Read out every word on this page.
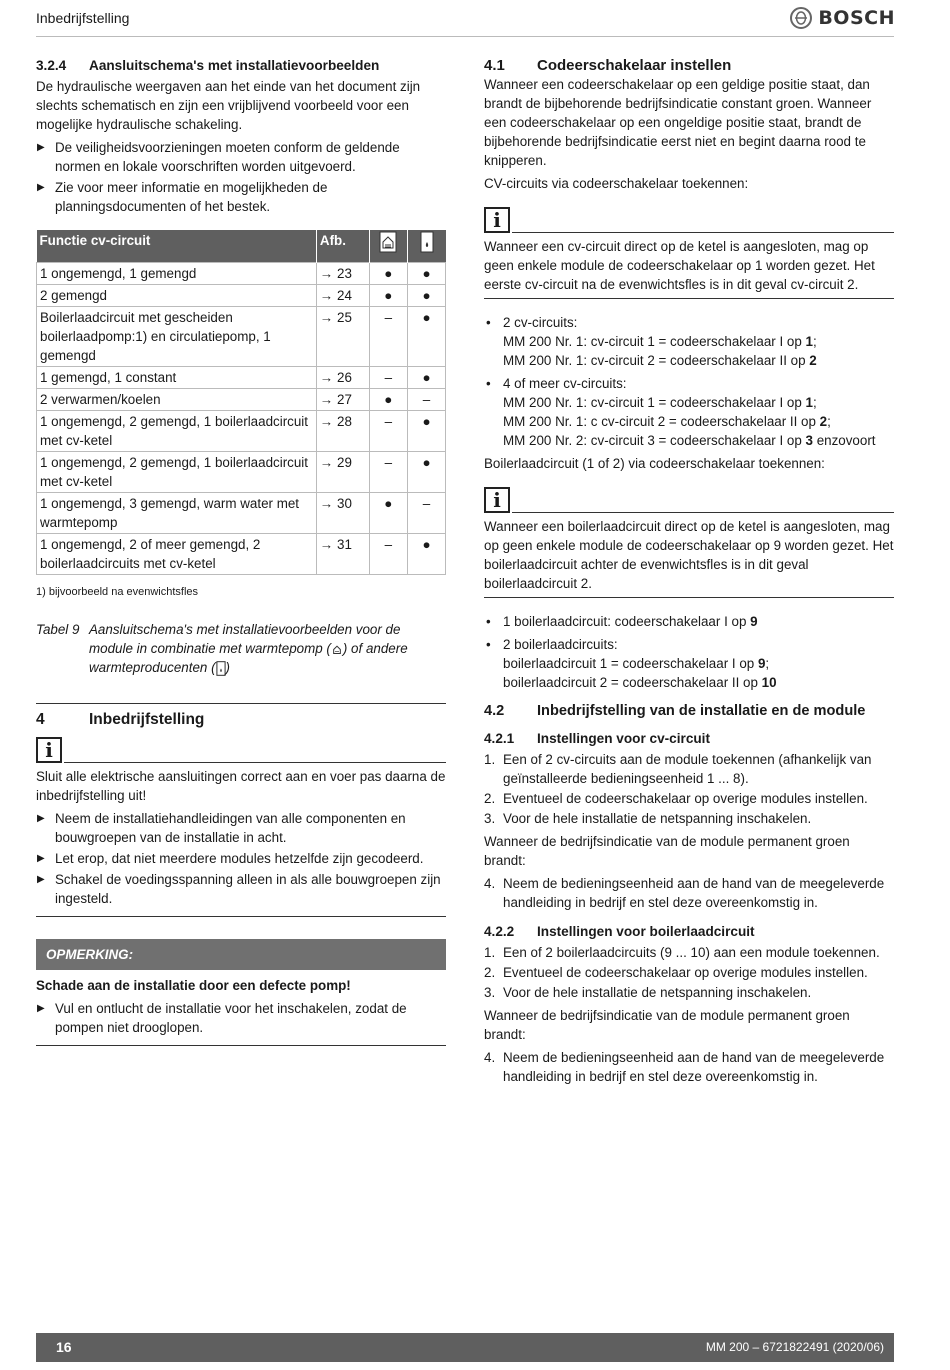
Inbedrijfstelling	BOSCH
3.2.4 Aansluitschema's met installatievoorbeelden

De hydraulische weergaven aan het einde van het document zijn slechts schematisch en zijn een vrijblijvend voorbeeld voor een mogelijke hydraulische schakeling.

▶ De veiligheidsvoorzieningen moeten conform de geldende normen en lokale voorschriften worden uitgevoerd.
▶ Zie voor meer informatie en mogelijkheden de planningsdocumenten of het bestek.
Functie cv-circuit	Afb.		
1 ongemengd, 1 gemengd	→ 23	●	●
2 gemengd	→ 24	●	●
Boilerlaadcircuit met gescheiden boilerlaadpomp:1) en circulatiepomp, 1 gemengd	→ 25	–	●
1 gemengd, 1 constant	→ 26	–	●
2 verwarmen/koelen	→ 27	●	–
1 ongemengd, 2 gemengd, 1 boilerlaadcircuit met cv-ketel	→ 28	–	●
1 ongemengd, 2 gemengd, 1 boilerlaadcircuit met cv-ketel	→ 29	–	●
1 ongemengd, 3 gemengd, warm water met warmtepomp	→ 30	●	–
1 ongemengd, 2 of meer gemengd, 2 boilerlaadcircuits met cv-ketel	→ 31	–	●
1) bijvoorbeeld na evenwichtsfles
Tabel 9 Aansluitschema's met installatievoorbeelden voor de module in combinatie met warmtepomp ( ) of andere warmteproducenten ( )
4	Inbedrijfstelling
i

Sluit alle elektrische aansluitingen correct aan en voer pas daarna de inbedrijfstelling uit!

▶ Neem de installatiehandleidingen van alle componenten en bouwgroepen van de installatie in acht.
▶ Let erop, dat niet meerdere modules hetzelfde zijn gecodeerd.
▶ Schakel de voedingsspanning alleen in als alle bouwgroepen zijn ingesteld.
OPMERKING:
Schade aan de installatie door een defecte pomp!
▶ Vul en ontlucht de installatie voor het inschakelen, zodat de pompen niet drooglopen.
4.1 Codeerschakelaar instellen

Wanneer een codeerschakelaar op een geldige positie staat, dan brandt de bijbehorende bedrijfsindicatie constant groen. Wanneer een codeerschakelaar op een ongeldige positie staat, brandt de bijbehorende bedrijfsindicatie eerst niet en begint daarna rood te knipperen.

CV-circuits via codeerschakelaar toekennen:

i

Wanneer een cv-circuit direct op de ketel is aangesloten, mag op geen enkele module de codeerschakelaar op 1 worden gezet. Het eerste cv-circuit na de evenwichtsfles is in dit geval cv-circuit 2.

• 2 cv-circuits:
MM 200 Nr. 1: cv-circuit 1 = codeerschakelaar I op 1;
MM 200 Nr. 1: cv-circuit 2 = codeerschakelaar II op 2
• 4 of meer cv-circuits:
MM 200 Nr. 1: cv-circuit 1 = codeerschakelaar I op 1;
MM 200 Nr. 1: c cv-circuit 2 = codeerschakelaar II op 2;
MM 200 Nr. 2: cv-circuit 3 = codeerschakelaar I op 3 enzovoort

Boilerlaadcircuit (1 of 2) via codeerschakelaar toekennen:

i

Wanneer een boilerlaadcircuit direct op de ketel is aangesloten, mag op geen enkele module de codeerschakelaar op 9 worden gezet. Het boilerlaadcircuit achter de evenwichtsfles is in dit geval boilerlaadcircuit 2.

• 1 boilerlaadcircuit: codeerschakelaar I op 9
• 2 boilerlaadcircuits:
boilerlaadcircuit 1 = codeerschakelaar I op 9;
boilerlaadcircuit 2 = codeerschakelaar II op 10
4.2 Inbedrijfstelling van de installatie en de module
4.2.1 Instellingen voor cv-circuit
1. Een of 2 cv-circuits aan de module toekennen (afhankelijk van geïnstalleerde bedieningseenheid 1 ... 8).
2. Eventueel de codeerschakelaar op overige modules instellen.
3. Voor de hele installatie de netspanning inschakelen.

Wanneer de bedrijfsindicatie van de module permanent groen brandt:

4. Neem de bedieningseenheid aan de hand van de meegeleverde handleiding in bedrijf en stel deze overeenkomstig in.
4.2.2 Instellingen voor boilerlaadcircuit
1. Een of 2 boilerlaadcircuits (9 ... 10) aan een module toekennen.
2. Eventueel de codeerschakelaar op overige modules instellen.
3. Voor de hele installatie de netspanning inschakelen.

Wanneer de bedrijfsindicatie van de module permanent groen brandt:

4. Neem de bedieningseenheid aan de hand van de meegeleverde handleiding in bedrijf en stel deze overeenkomstig in.
16	MM 200 – 6721822491 (2020/06)
